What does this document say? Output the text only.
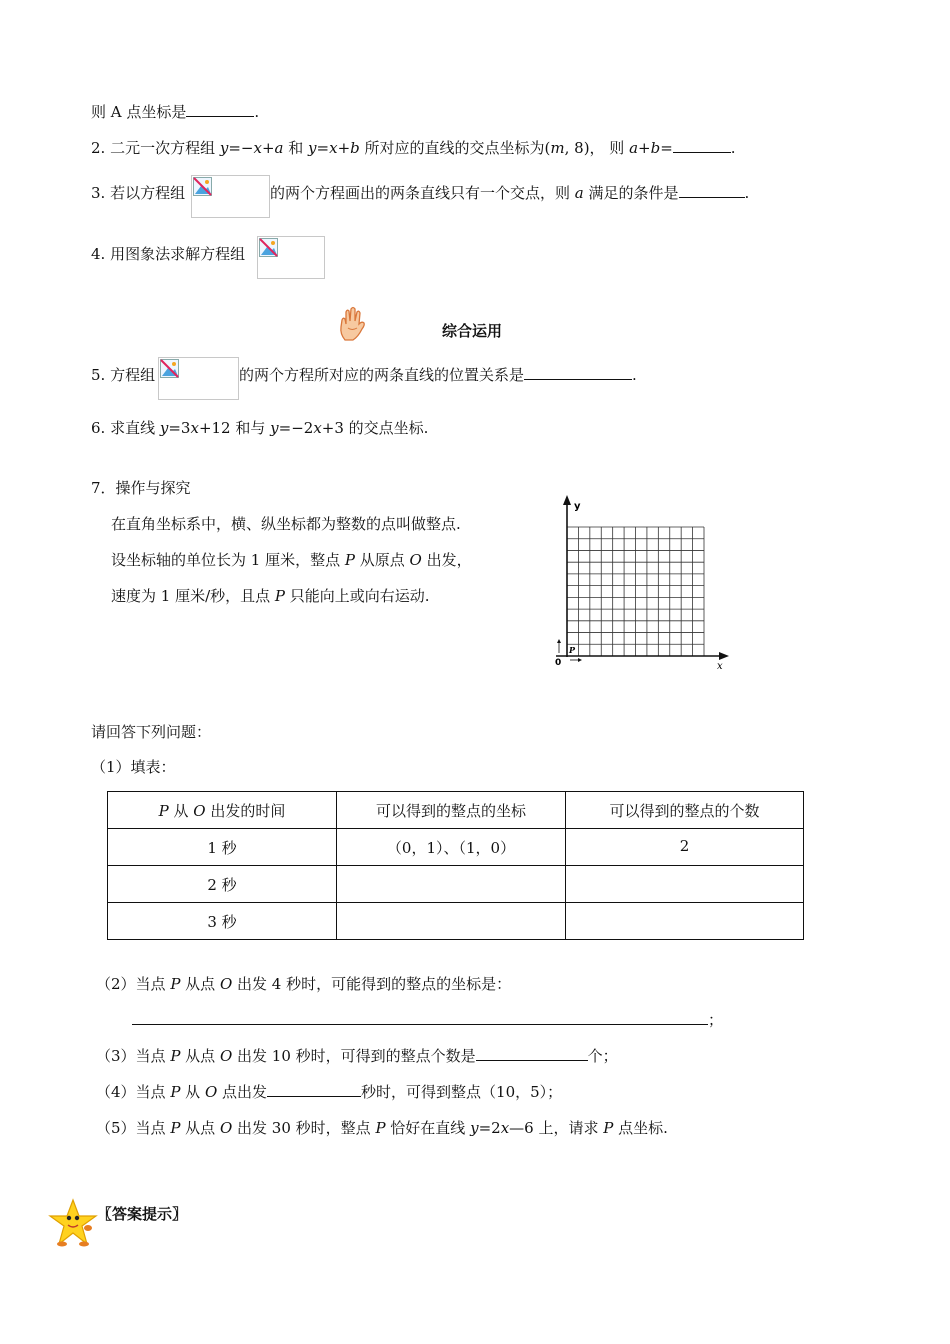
则 A 点坐标是	.
2. 二元一次方程组 y=−x+a 和 y=x+b 所对应的直线的交点坐标为(m, 8)， 则 a+b=	.
3. 若以方程组	的两个方程画出的两条直线只有一个交点，则 a 满足的条件是	.
4. 用图象法求解方程组
综合运用
5. 方程组	的两个方程所对应的两条直线的位置关系是	.
6. 求直线 y=3x+12 和与 y=−2x+3 的交点坐标.
7．操作与探究
在直角坐标系中，横、纵坐标都为整数的点叫做整点.
设坐标轴的单位长为 1 厘米，整点 P 从原点 O 出发，
速度为 1 厘米/秒，且点 P 只能向上或向右运动.
y
x
0
P
请回答下列问题：
（1）填表：
P 从 O 出发的时间	可以得到的整点的坐标	可以得到的整点的个数
1 秒	（0，1）、（1，0）	2
2 秒		
3 秒		
（2）当点 P 从点 O 出发 4 秒时，可能得到的整点的坐标是：
；
（3）当点 P 从点 O 出发 10 秒时，可得到的整点个数是	个；
（4）当点 P 从 O 点出发	秒时，可得到整点（10，5）；
（5）当点 P 从点 O 出发 30 秒时，整点 P 恰好在直线 y=2x—6 上，请求 P 点坐标.
〖答案提示〗
